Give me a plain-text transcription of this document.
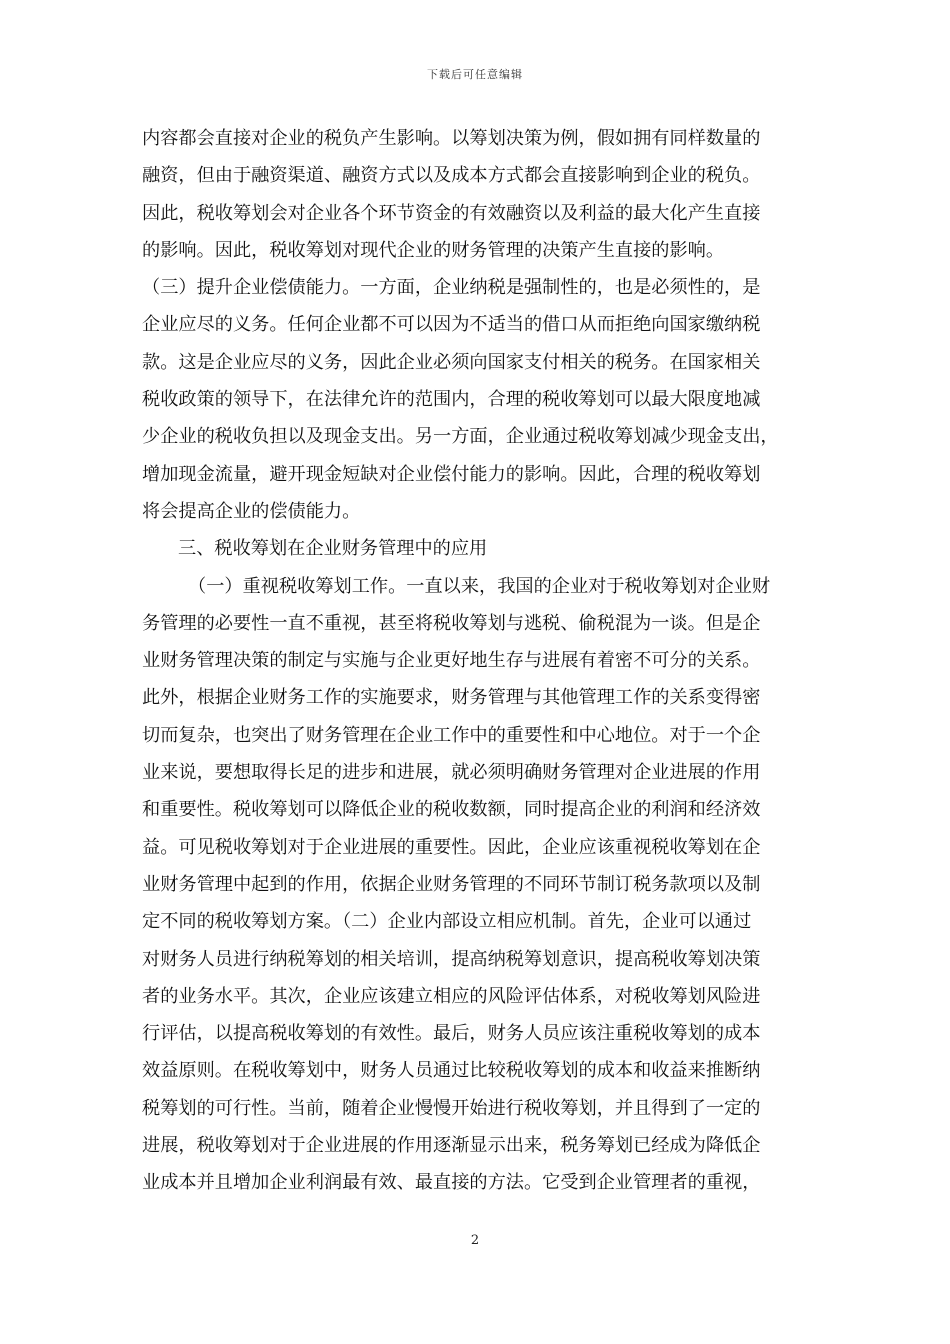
下载后可任意编辑
内容都会直接对企业的税负产生影响。以筹划决策为例，假如拥有同样数量的
融资，但由于融资渠道、融资方式以及成本方式都会直接影响到企业的税负。
因此，税收筹划会对企业各个环节资金的有效融资以及利益的最大化产生直接
的影响。因此，税收筹划对现代企业的财务管理的决策产生直接的影响。
（三）提升企业偿债能力。一方面，企业纳税是强制性的，也是必须性的，是
企业应尽的义务。任何企业都不可以因为不适当的借口从而拒绝向国家缴纳税
款。这是企业应尽的义务，因此企业必须向国家支付相关的税务。在国家相关
税收政策的领导下，在法律允许的范围内，合理的税收筹划可以最大限度地减
少企业的税收负担以及现金支出。另一方面，企业通过税收筹划减少现金支出，
增加现金流量，避开现金短缺对企业偿付能力的影响。因此，合理的税收筹划
将会提高企业的偿债能力。
三、税收筹划在企业财务管理中的应用
（一）重视税收筹划工作。一直以来，我国的企业对于税收筹划对企业财
务管理的必要性一直不重视，甚至将税收筹划与逃税、偷税混为一谈。但是企
业财务管理决策的制定与实施与企业更好地生存与进展有着密不可分的关系。
此外，根据企业财务工作的实施要求，财务管理与其他管理工作的关系变得密
切而复杂，也突出了财务管理在企业工作中的重要性和中心地位。对于一个企
业来说，要想取得长足的进步和进展，就必须明确财务管理对企业进展的作用
和重要性。税收筹划可以降低企业的税收数额，同时提高企业的利润和经济效
益。可见税收筹划对于企业进展的重要性。因此，企业应该重视税收筹划在企
业财务管理中起到的作用，依据企业财务管理的不同环节制订税务款项以及制
定不同的税收筹划方案。（二）企业内部设立相应机制。首先，企业可以通过
对财务人员进行纳税筹划的相关培训，提高纳税筹划意识，提高税收筹划决策
者的业务水平。其次，企业应该建立相应的风险评估体系，对税收筹划风险进
行评估，以提高税收筹划的有效性。最后，财务人员应该注重税收筹划的成本
效益原则。在税收筹划中，财务人员通过比较税收筹划的成本和收益来推断纳
税筹划的可行性。当前，随着企业慢慢开始进行税收筹划，并且得到了一定的
进展，税收筹划对于企业进展的作用逐渐显示出来，税务筹划已经成为降低企
业成本并且增加企业利润最有效、最直接的方法。它受到企业管理者的重视，
2
